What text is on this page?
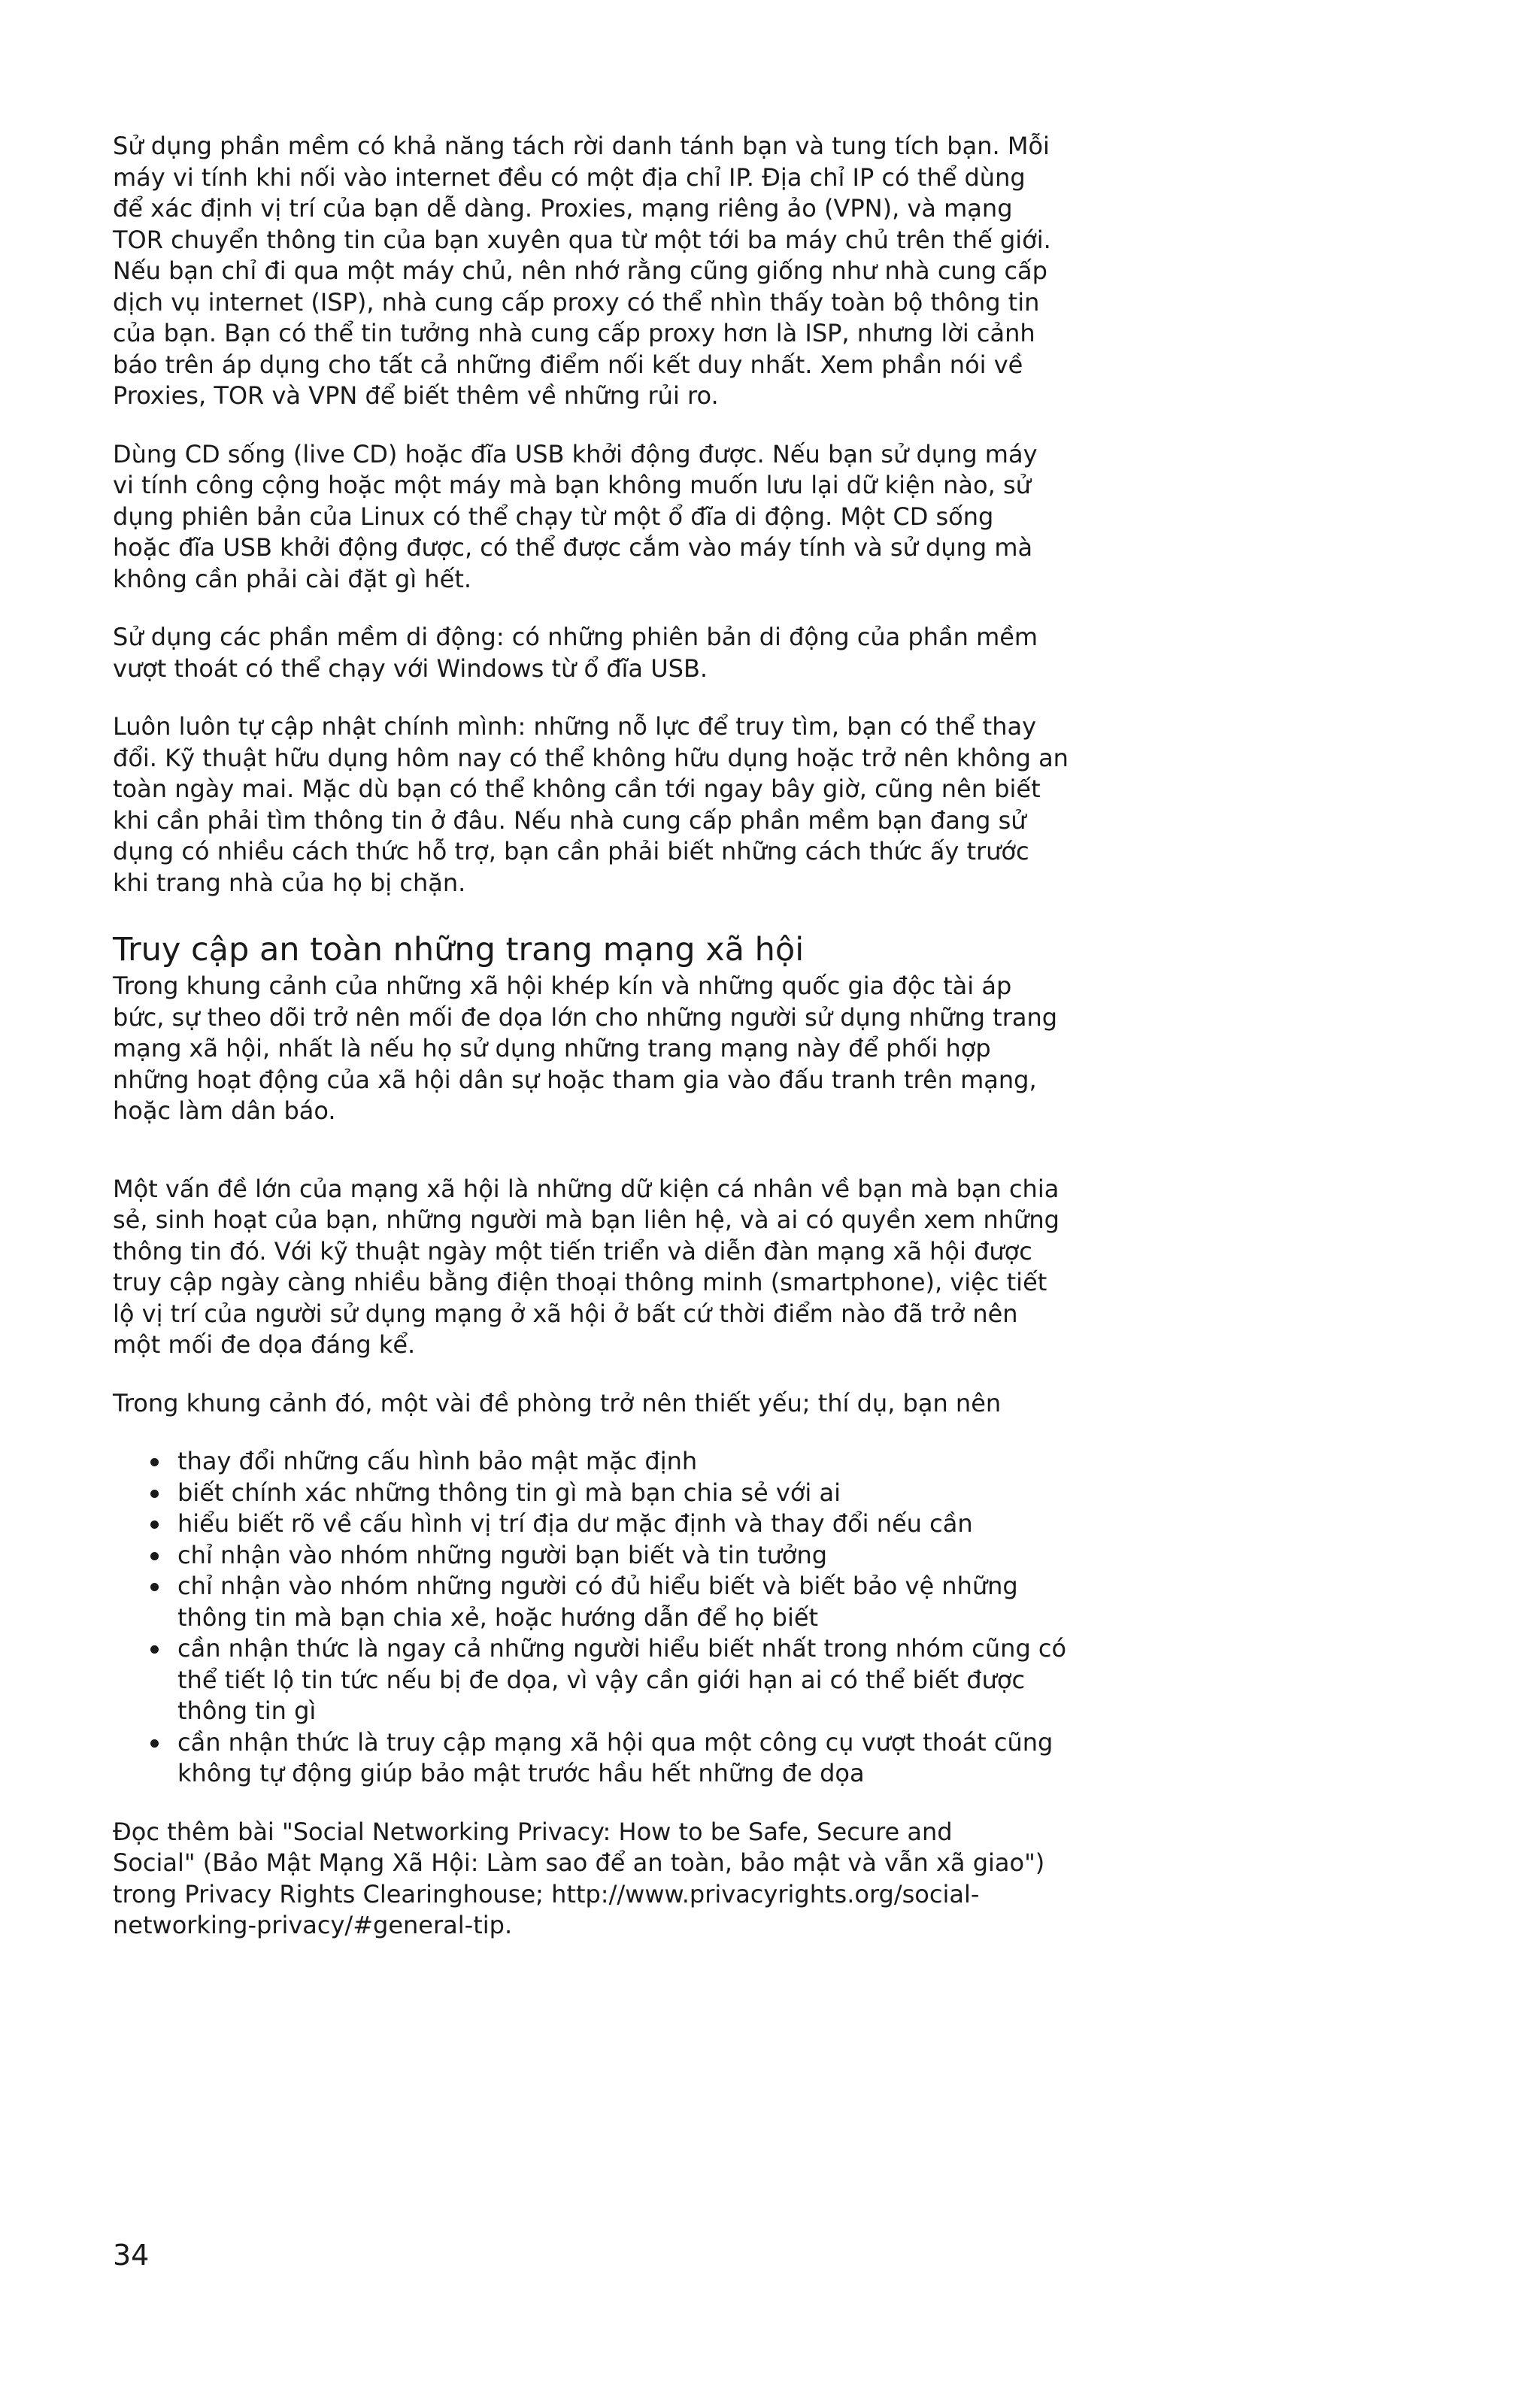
Sử dụng phần mềm có khả năng tách rời danh tánh bạn và tung tích bạn. Mỗi
máy vi tính khi nối vào internet đều có một địa chỉ IP. Địa chỉ IP có thể dùng
để xác định vị trí của bạn dễ dàng. Proxies, mạng riêng ảo (VPN), và mạng
TOR chuyển thông tin của bạn xuyên qua từ một tới ba máy chủ trên thế giới.
Nếu bạn chỉ đi qua một máy chủ, nên nhớ rằng cũng giống như nhà cung cấp
dịch vụ internet (ISP), nhà cung cấp proxy có thể nhìn thấy toàn bộ thông tin
của bạn. Bạn có thể tin tưởng nhà cung cấp proxy hơn là ISP, nhưng lời cảnh
báo trên áp dụng cho tất cả những điểm nối kết duy nhất. Xem phần nói về
Proxies, TOR và VPN để biết thêm về những rủi ro.

Dùng CD sống (live CD) hoặc đĩa USB khởi động được. Nếu bạn sử dụng máy
vi tính công cộng hoặc một máy mà bạn không muốn lưu lại dữ kiện nào, sử
dụng phiên bản của Linux có thể chạy từ một ổ đĩa di động. Một CD sống
hoặc đĩa USB khởi động được, có thể được cắm vào máy tính và sử dụng mà
không cần phải cài đặt gì hết.

Sử dụng các phần mềm di động: có những phiên bản di động của phần mềm
vượt thoát có thể chạy với Windows từ ổ đĩa USB.

Luôn luôn tự cập nhật chính mình: những nỗ lực để truy tìm, bạn có thể thay
đổi. Kỹ thuật hữu dụng hôm nay có thể không hữu dụng hoặc trở nên không an
toàn ngày mai. Mặc dù bạn có thể không cần tới ngay bây giờ, cũng nên biết
khi cần phải tìm thông tin ở đâu. Nếu nhà cung cấp phần mềm bạn đang sử
dụng có nhiều cách thức hỗ trợ, bạn cần phải biết những cách thức ấy trước
khi trang nhà của họ bị chặn.

Truy cập an toàn những trang mạng xã hội

Trong khung cảnh của những xã hội khép kín và những quốc gia độc tài áp
bức, sự theo dõi trở nên mối đe dọa lớn cho những người sử dụng những trang
mạng xã hội, nhất là nếu họ sử dụng những trang mạng này để phối hợp
những hoạt động của xã hội dân sự hoặc tham gia vào đấu tranh trên mạng,
hoặc làm dân báo.

Một vấn đề lớn của mạng xã hội là những dữ kiện cá nhân về bạn mà bạn chia
sẻ, sinh hoạt của bạn, những người mà bạn liên hệ, và ai có quyền xem những
thông tin đó. Với kỹ thuật ngày một tiến triển và diễn đàn mạng xã hội được
truy cập ngày càng nhiều bằng điện thoại thông minh (smartphone), việc tiết
lộ vị trí của người sử dụng mạng ở xã hội ở bất cứ thời điểm nào đã trở nên
một mối đe dọa đáng kể.

Trong khung cảnh đó, một vài đề phòng trở nên thiết yếu; thí dụ, bạn nên

thay đổi những cấu hình bảo mật mặc định
biết chính xác những thông tin gì mà bạn chia sẻ với ai
hiểu biết rõ về cấu hình vị trí địa dư mặc định và thay đổi nếu cần
chỉ nhận vào nhóm những người bạn biết và tin tưởng
chỉ nhận vào nhóm những người có đủ hiểu biết và biết bảo vệ những
thông tin mà bạn chia xẻ, hoặc hướng dẫn để họ biết
cần nhận thức là ngay cả những người hiểu biết nhất trong nhóm cũng có
thể tiết lộ tin tức nếu bị đe dọa, vì vậy cần giới hạn ai có thể biết được
thông tin gì
cần nhận thức là truy cập mạng xã hội qua một công cụ vượt thoát cũng
không tự động giúp bảo mật trước hầu hết những đe dọa

Đọc thêm bài "Social Networking Privacy: How to be Safe, Secure and
Social" (Bảo Mật Mạng Xã Hội: Làm sao để an toàn, bảo mật và vẫn xã giao")
trong Privacy Rights Clearinghouse; http://www.privacyrights.org/social-
networking-privacy/#general-tip.

34
